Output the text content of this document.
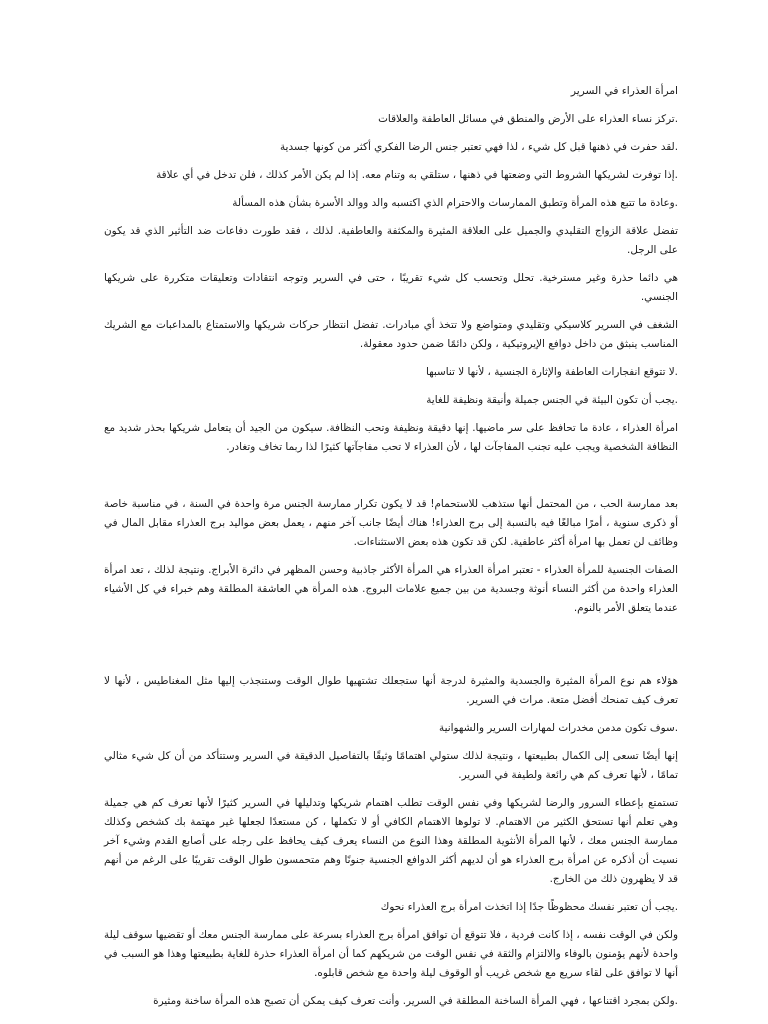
امرأة العذراء في السرير

.تركز نساء العذراء على الأرض والمنطق في مسائل العاطفة والعلاقات

.لقد حفرت في ذهنها قبل كل شيء ، لذا فهي تعتبر جنس الرضا الفكري أكثر من كونها جسدية

.إذا توفرت لشريكها الشروط التي وضعتها في ذهنها ، ستلقي به وتنام معه. إذا لم يكن الأمر كذلك ، فلن تدخل في أي علاقة

.وعادة ما تتبع هذه المرأة وتطبق الممارسات والاحترام الذي اكتسبه والد ووالد الأسرة بشأن هذه المسألة

تفضل علاقة الزواج التقليدي والجميل على العلاقة المثيرة والمكثفة والعاطفية. لذلك ، فقد طورت دفاعات ضد التأثير الذي قد يكون على الرجل.

هي دائما حذرة وغير مسترخية. تحلل وتحسب كل شيء تقريبًا ، حتى في السرير وتوجه انتقادات وتعليقات متكررة على شريكها الجنسي.

الشغف في السرير كلاسيكي وتقليدي ومتواضع ولا تتخذ أي مبادرات. تفضل انتظار حركات شريكها والاستمتاع بالمداعبات مع الشريك المناسب ينبثق من داخل دوافع الإيروتيكية ، ولكن دائمًا ضمن حدود معقولة.

.لا تتوقع انفجارات العاطفة والإثارة الجنسية ، لأنها لا تناسبها

.يجب أن تكون البيئة في الجنس جميلة وأنيقة ونظيفة للغاية

امرأة العذراء ، عادة ما تحافظ على سر ماضيها. إنها دقيقة ونظيفة وتحب النظافة. سيكون من الجيد أن يتعامل شريكها بحذر شديد مع النظافة الشخصية ويجب عليه تجنب المفاجآت لها ، لأن العذراء لا تحب مفاجآتها كثيرًا لذا ربما تخاف وتغادر.

بعد ممارسة الحب ، من المحتمل أنها ستذهب للاستحمام! قد لا يكون تكرار ممارسة الجنس مرة واحدة في السنة ، في مناسبة خاصة أو ذكرى سنوية ، أمرًا مبالغًا فيه بالنسبة إلى برج العذراء! هناك أيضًا جانب آخر منهم ، يعمل بعض مواليد برج العذراء مقابل المال في وظائف لن تعمل بها امرأة أكثر عاطفية. لكن قد تكون هذه بعض الاستثناءات.

الصفات الجنسية للمرأة العذراء - تعتبر امرأة العذراء هي المرأة الأكثر جاذبية وحسن المظهر في دائرة الأبراج. ونتيجة لذلك ، تعد امرأة العذراء واحدة من أكثر النساء أنوثة وجسدية من بين جميع علامات البروج. هذه المرأة هي العاشقة المطلقة وهم خبراء في كل الأشياء عندما يتعلق الأمر بالنوم.

هؤلاء هم نوع المرأة المثيرة والجسدية والمثيرة لدرجة أنها ستجعلك تشتهيها طوال الوقت وستنجذب إليها مثل المغناطيس ، لأنها لا تعرف كيف تمنحك أفضل متعة. مرات في السرير.

.سوف تكون مدمن مخدرات لمهارات السرير والشهوانية

إنها أيضًا تسعى إلى الكمال بطبيعتها ، ونتيجة لذلك ستولي اهتمامًا وثيقًا بالتفاصيل الدقيقة في السرير وستتأكد من أن كل شيء مثالي تمامًا ، لأنها تعرف كم هي رائعة ولطيفة في السرير.

تستمتع بإعطاء السرور والرضا لشريكها وفي نفس الوقت تطلب اهتمام شريكها وتدليلها في السرير كثيرًا لأنها تعرف كم هي جميلة وهي تعلم أنها تستحق الكثير من الاهتمام. لا تولوها الاهتمام الكافي أو لا تكملها ، كن مستعدًا لجعلها غير مهتمة بك كشخص وكذلك ممارسة الجنس معك ، لأنها المرأة الأنثوية المطلقة وهذا النوع من النساء يعرف كيف يحافظ على رجله على أصابع القدم وشيء آخر نسيت أن أذكره عن امرأة برج العذراء هو أن لديهم أكثر الدوافع الجنسية جنونًا وهم متحمسون طوال الوقت تقريبًا على الرغم من أنهم قد لا يظهرون ذلك من الخارج.

.يجب أن تعتبر نفسك محظوظًا جدًا إذا اتخذت امرأة برج العذراء نحوك

ولكن في الوقت نفسه ، إذا كانت فردية ، فلا تتوقع أن توافق امرأة برج العذراء بسرعة على ممارسة الجنس معك أو تقضيها سوقف ليلة واحدة لأنهم يؤمنون بالوفاء والالتزام والثقة في نفس الوقت من شريكهم كما أن امرأة العذراء حذرة للغاية بطبيعتها وهذا هو السبب في أنها لا توافق على لقاء سريع مع شخص غريب أو الوقوف ليلة واحدة مع شخص قابلوه.

.ولكن بمجرد اقتناعها ، فهي المرأة الساخنة المطلقة في السرير. وأنت تعرف كيف يمكن أن تصبح هذه المرأة ساخنة ومثيرة
